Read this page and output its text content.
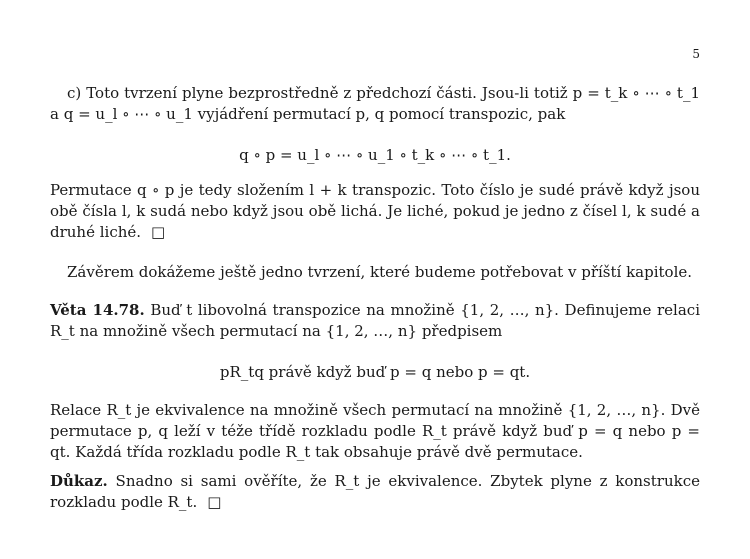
5

c) Toto tvrzení plyne bezprostředně z předchozí části. Jsou-li totiž p = t_k ∘ ⋯ ∘ t_1 a q = u_l ∘ ⋯ ∘ u_1 vyjádření permutací p, q pomocí transpozic, pak

q ∘ p = u_l ∘ ⋯ ∘ u_1 ∘ t_k ∘ ⋯ ∘ t_1.

Permutace q ∘ p je tedy složením l + k transpozic. Toto číslo je sudé právě když jsou obě čísla l, k sudá nebo když jsou obě lichá. Je liché, pokud je jedno z čísel l, k sudé a druhé liché. □

Závěrem dokážeme ještě jedno tvrzení, které budeme potřebovat v příští kapitole.

Věta 14.78. Buď t libovolná transpozice na množině {1, 2, …, n}. Definujeme relaci R_t na množině všech permutací na {1, 2, …, n} předpisem

pR_tq právě když buď p = q nebo p = qt.

Relace R_t je ekvivalence na množině všech permutací na množině {1, 2, …, n}. Dvě permutace p, q leží v téže třídě rozkladu podle R_t právě když buď p = q nebo p = qt. Každá třída rozkladu podle R_t tak obsahuje právě dvě permutace.

Důkaz. Snadno si sami ověříte, že R_t je ekvivalence. Zbytek plyne z konstrukce rozkladu podle R_t. □
